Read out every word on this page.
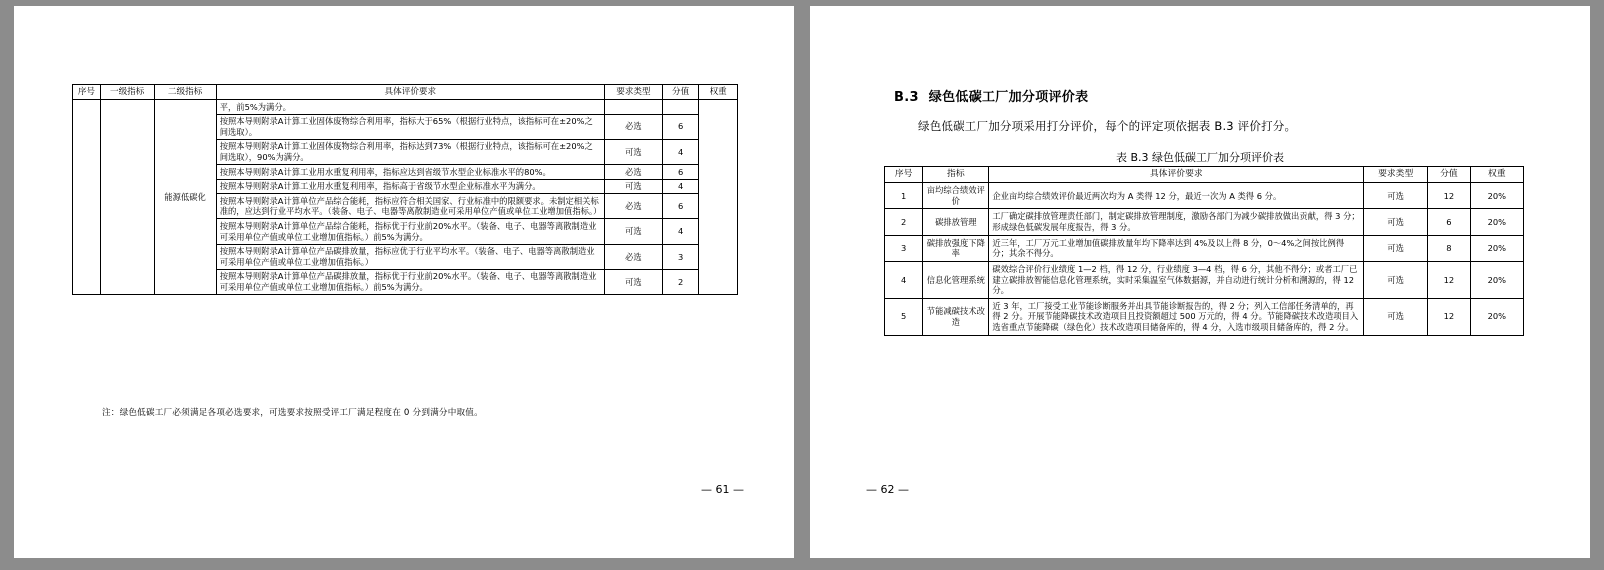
序号	一级指标	二级指标	具体评价要求	要求类型	分值	权重
		能源低碳化	平，前5%为满分。			
			按照本导则附录A计算工业固体废物综合利用率，指标大于65%（根据行业特点，该指标可在±20%之间选取）。	必选	6	
			按照本导则附录A计算工业固体废物综合利用率，指标达到73%（根据行业特点，该指标可在±20%之间选取），90%为满分。	可选	4	
			按照本导则附录A计算工业用水重复利用率，指标应达到省级节水型企业标准水平的80%。	必选	6	
			按照本导则附录A计算工业用水重复利用率，指标高于省级节水型企业标准水平为满分。	可选	4	
			按照本导则附录A计算单位产品综合能耗，指标应符合相关国家、行业标准中的限额要求。未制定相关标准的，应达到行业平均水平。（装备、电子、电器等离散制造业可采用单位产值或单位工业增加值指标。）	必选	6	
			按照本导则附录A计算单位产品综合能耗，指标优于行业前20%水平。（装备、电子、电器等离散制造业可采用单位产值或单位工业增加值指标。）前5%为满分。	可选	4	
			按照本导则附录A计算单位产品碳排放量，指标应优于行业平均水平。（装备、电子、电器等离散制造业可采用单位产值或单位工业增加值指标。）	必选	3	
			按照本导则附录A计算单位产品碳排放量，指标优于行业前20%水平。（装备、电子、电器等离散制造业可采用单位产值或单位工业增加值指标。）前5%为满分。	可选	2	
注：绿色低碳工厂必须满足各项必选要求，可选要求按照受评工厂满足程度在 0 分到满分中取值。
— 61 —
B.3 绿色低碳工厂加分项评价表
绿色低碳工厂加分项采用打分评价，每个的评定项依据表 B.3 评价打分。
表 B.3 绿色低碳工厂加分项评价表
序号	指标	具体评价要求	要求类型	分值	权重
1	亩均综合绩效评价	企业亩均综合绩效评价最近两次均为 A 类得 12 分，最近一次为 A 类得 6 分。	可选	12	20%
2	碳排放管理	工厂确定碳排放管理责任部门，制定碳排放管理制度，激励各部门为减少碳排放做出贡献，得 3 分；形成绿色低碳发展年度报告，得 3 分。	可选	6	20%
3	碳排放强度下降率	近三年，工厂万元工业增加值碳排放量年均下降率达到 4%及以上得 8 分，0～4%之间按比例得分；其余不得分。	可选	8	20%
4	信息化管理系统	碳效综合评价行业绩度 1—2 档，得 12 分，行业绩度 3—4 档，得 6 分，其他不得分；或者工厂已建立碳排放智能信息化管理系统，实时采集温室气体数据源，并自动进行统计分析和溯源的，得 12 分。	可选	12	20%
5	节能减碳技术改造	近 3 年，工厂接受工业节能诊断服务并出具节能诊断报告的，得 2 分；列入工信部任务清单的，再得 2 分。开展节能降碳技术改造项目且投资额超过 500 万元的，得 4 分。节能降碳技术改造项目入选省重点节能降碳（绿色化）技术改造项目储备库的，得 4 分，入选市级项目储备库的，得 2 分。	可选	12	20%
— 62 —
